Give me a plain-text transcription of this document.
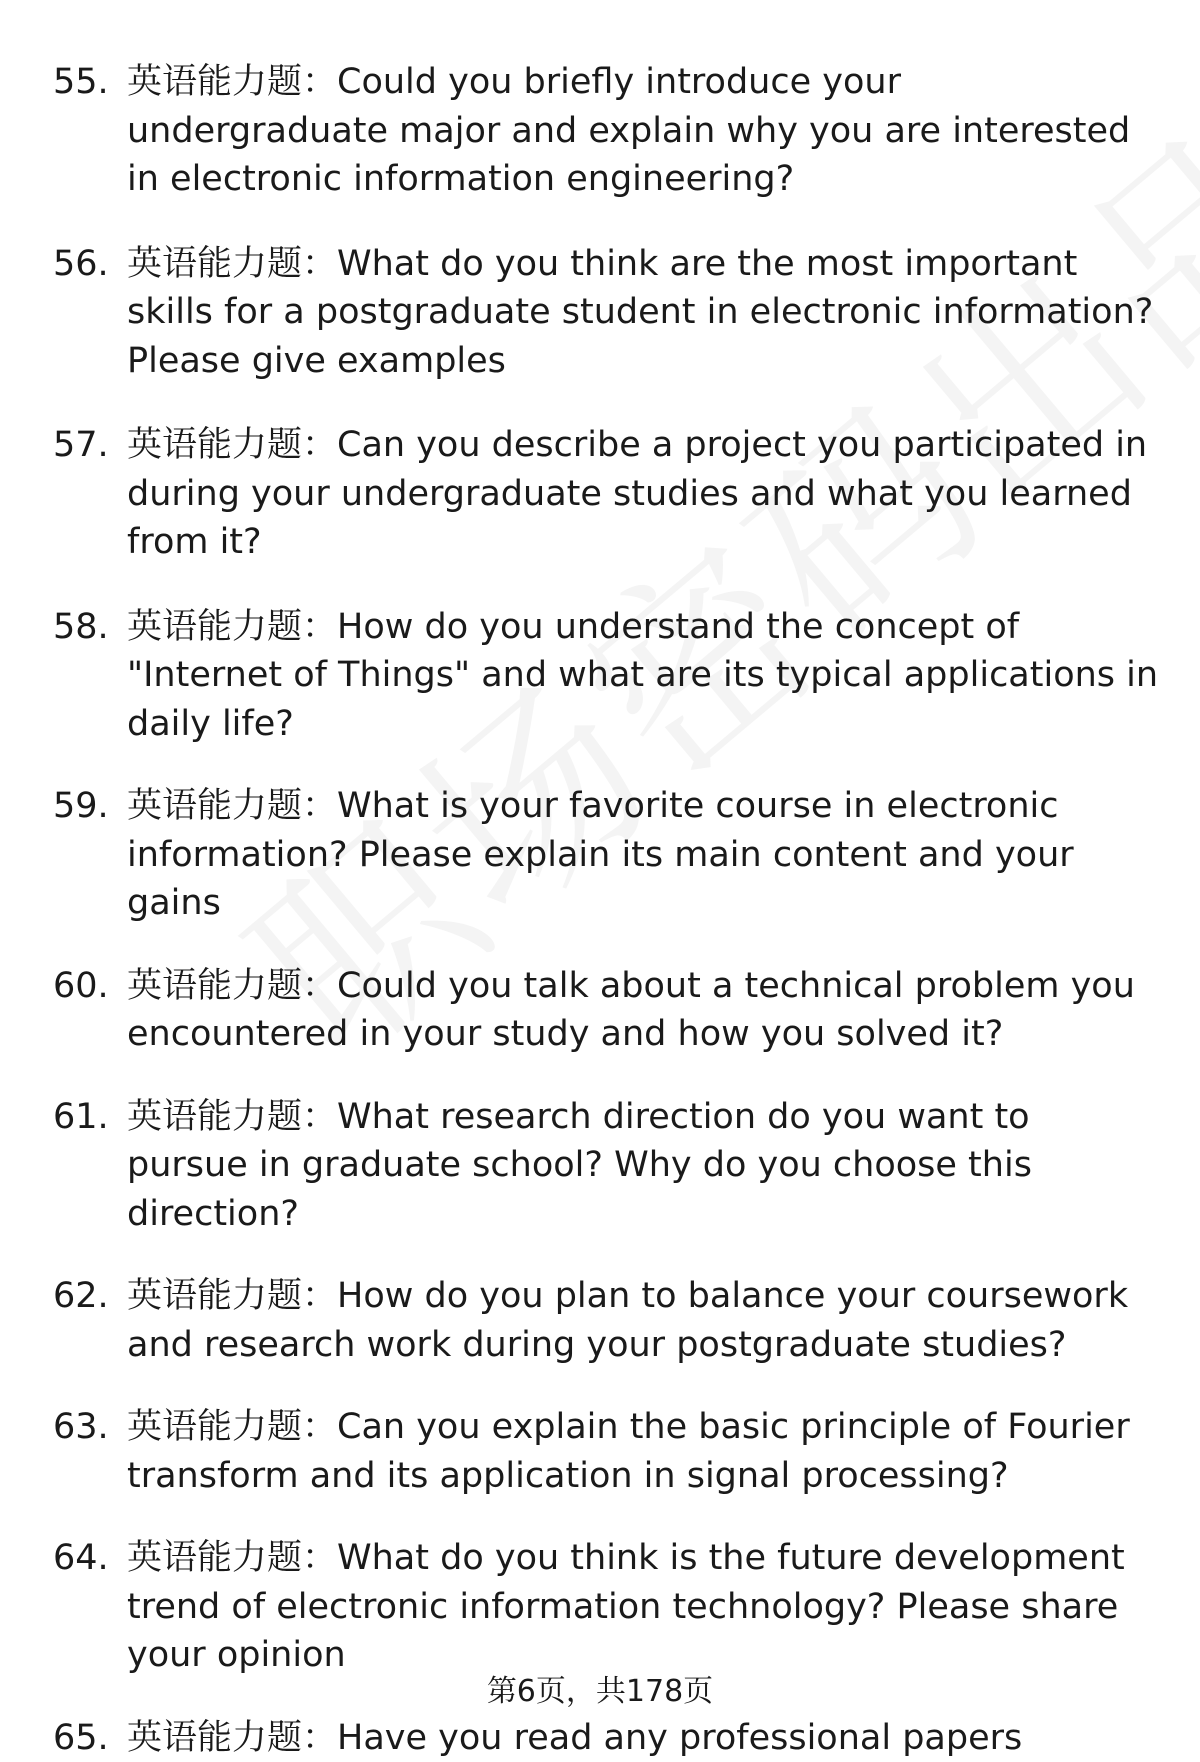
55. 英语能力题：Could you briefly introduce your undergraduate major and explain why you are interested in electronic information engineering?
56. 英语能力题：What do you think are the most important skills for a postgraduate student in electronic information? Please give examples
57. 英语能力题：Can you describe a project you participated in during your undergraduate studies and what you learned from it?
58. 英语能力题：How do you understand the concept of "Internet of Things" and what are its typical applications in daily life?
59. 英语能力题：What is your favorite course in electronic information? Please explain its main content and your gains
60. 英语能力题：Could you talk about a technical problem you encountered in your study and how you solved it?
61. 英语能力题：What research direction do you want to pursue in graduate school? Why do you choose this direction?
62. 英语能力题：How do you plan to balance your coursework and research work during your postgraduate studies?
63. 英语能力题：Can you explain the basic principle of Fourier transform and its application in signal processing?
64. 英语能力题：What do you think is the future development trend of electronic information technology? Please share your opinion
65. 英语能力题：Have you read any professional papers
第6页，共178页
